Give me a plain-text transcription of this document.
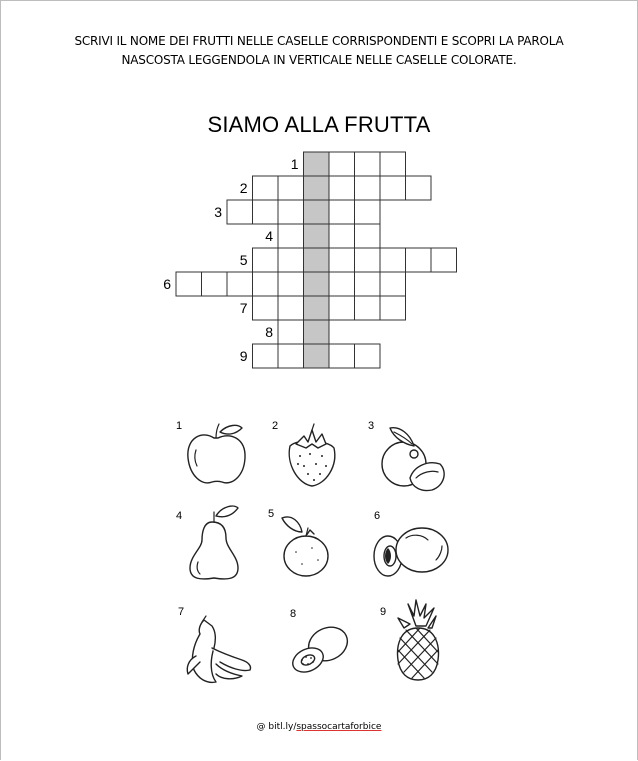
SCRIVI IL NOME DEI FRUTTI NELLE CASELLE CORRISPONDENTI E SCOPRI LA PAROLA
NASCOSTA LEGGENDOLA IN VERTICALE NELLE CASELLE COLORATE.
SIAMO ALLA FRUTTA
1
2
3
4
5
6
7
8
9
1	2	3
4	5	6
7	8	9
@ bitl.ly/spassocartaforbice
